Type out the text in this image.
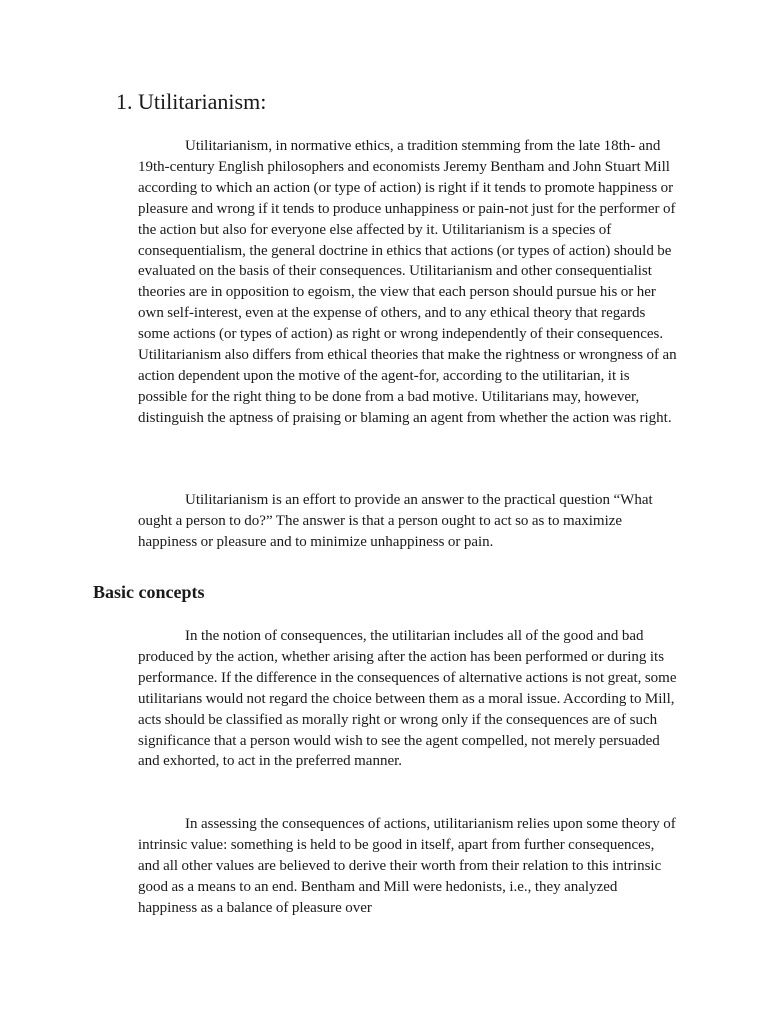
1. Utilitarianism:

Utilitarianism, in normative ethics, a tradition stemming from the late 18th- and 19th-century English philosophers and economists Jeremy Bentham and John Stuart Mill according to which an action (or type of action) is right if it tends to promote happiness or pleasure and wrong if it tends to produce unhappiness or pain-not just for the performer of the action but also for everyone else affected by it. Utilitarianism is a species of consequentialism, the general doctrine in ethics that actions (or types of action) should be evaluated on the basis of their consequences. Utilitarianism and other consequentialist theories are in opposition to egoism, the view that each person should pursue his or her own self-interest, even at the expense of others, and to any ethical theory that regards some actions (or types of action) as right or wrong independently of their consequences. Utilitarianism also differs from ethical theories that make the rightness or wrongness of an action dependent upon the motive of the agent-for, according to the utilitarian, it is possible for the right thing to be done from a bad motive. Utilitarians may, however, distinguish the aptness of praising or blaming an agent from whether the action was right.

Utilitarianism is an effort to provide an answer to the practical question “What ought a person to do?” The answer is that a person ought to act so as to maximize happiness or pleasure and to minimize unhappiness or pain.

Basic concepts

In the notion of consequences, the utilitarian includes all of the good and bad produced by the action, whether arising after the action has been performed or during its performance. If the difference in the consequences of alternative actions is not great, some utilitarians would not regard the choice between them as a moral issue. According to Mill, acts should be classified as morally right or wrong only if the consequences are of such significance that a person would wish to see the agent compelled, not merely persuaded and exhorted, to act in the preferred manner.

In assessing the consequences of actions, utilitarianism relies upon some theory of intrinsic value: something is held to be good in itself, apart from further consequences, and all other values are believed to derive their worth from their relation to this intrinsic good as a means to an end. Bentham and Mill were hedonists, i.e., they analyzed happiness as a balance of pleasure over
